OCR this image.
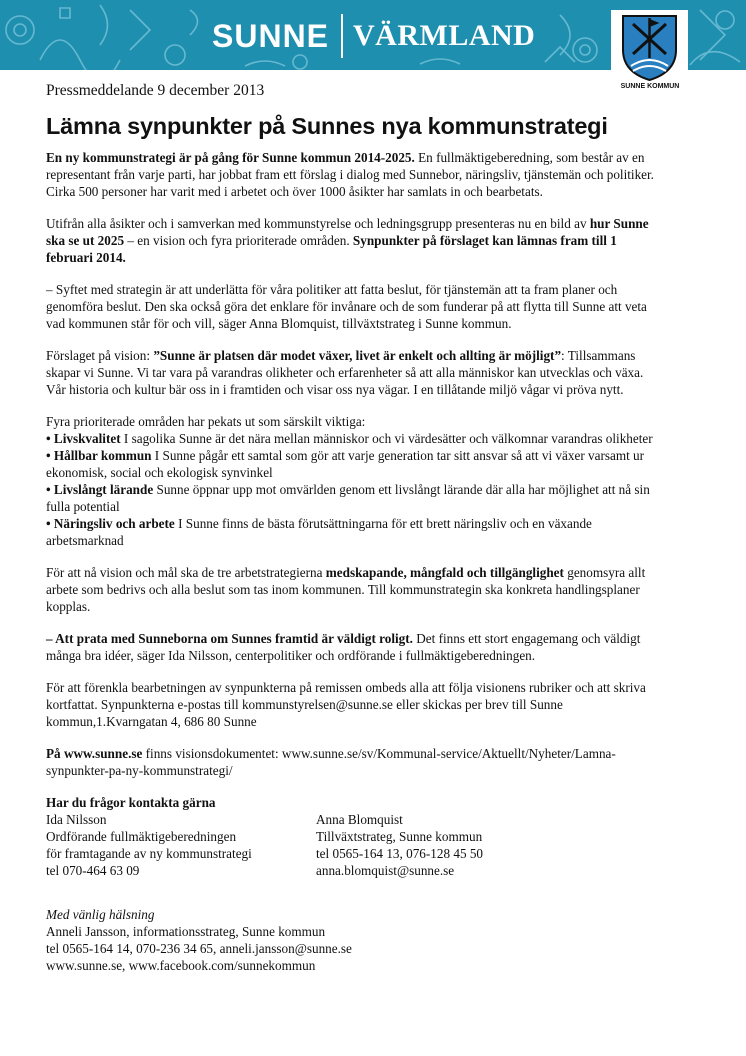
SUNNE VÄRMLAND
SUNNE KOMMUN
Pressmeddelande 9 december 2013
Lämna synpunkter på Sunnes nya kommunstrategi

En ny kommunstrategi är på gång för Sunne kommun 2014-2025. En fullmäktigeberedning, som består av en representant från varje parti, har jobbat fram ett förslag i dialog med Sunnebor, näringsliv, tjänstemän och politiker. Cirka 500 personer har varit med i arbetet och över 1000 åsikter har samlats in och bearbetats.

Utifrån alla åsikter och i samverkan med kommunstyrelse och ledningsgrupp presenteras nu en bild av hur Sunne ska se ut 2025 – en vision och fyra prioriterade områden. Synpunkter på förslaget kan lämnas fram till 1 februari 2014.

– Syftet med strategin är att underlätta för våra politiker att fatta beslut, för tjänstemän att ta fram planer och genomföra beslut. Den ska också göra det enklare för invånare och de som funderar på att flytta till Sunne att veta vad kommunen står för och vill, säger Anna Blomquist, tillväxtstrateg i Sunne kommun.

Förslaget på vision: ”Sunne är platsen där modet växer, livet är enkelt och allting är möjligt”: Tillsammans skapar vi Sunne. Vi tar vara på varandras olikheter och erfarenheter så att alla människor kan utvecklas och växa. Vår historia och kultur bär oss in i framtiden och visar oss nya vägar. I en tillåtande miljö vågar vi pröva nytt.

Fyra prioriterade områden har pekats ut som särskilt viktiga:

• Livskvalitet I sagolika Sunne är det nära mellan människor och vi värdesätter och välkomnar varandras olikheter

• Hållbar kommun I Sunne pågår ett samtal som gör att varje generation tar sitt ansvar så att vi växer varsamt ur ekonomisk, social och ekologisk synvinkel

• Livslångt lärande Sunne öppnar upp mot omvärlden genom ett livslångt lärande där alla har möjlighet att nå sin fulla potential

• Näringsliv och arbete I Sunne finns de bästa förutsättningarna för ett brett näringsliv och en växande arbetsmarknad

För att nå vision och mål ska de tre arbetstrategierna medskapande, mångfald och tillgänglighet genomsyra allt arbete som bedrivs och alla beslut som tas inom kommunen. Till kommunstrategin ska konkreta handlingsplaner kopplas.

– Att prata med Sunneborna om Sunnes framtid är väldigt roligt. Det finns ett stort engagemang och väldigt många bra idéer, säger Ida Nilsson, centerpolitiker och ordförande i fullmäktigeberedningen.

För att förenkla bearbetningen av synpunkterna på remissen ombeds alla att följa visionens rubriker och att skriva kortfattat. Synpunkterna e-postas till kommunstyrelsen@sunne.se eller skickas per brev till Sunne kommun,1.Kvarngatan 4, 686 80 Sunne

På www.sunne.se finns visionsdokumentet: www.sunne.se/sv/Kommunal-service/Aktuellt/Nyheter/Lamna-synpunkter-pa-ny-kommunstrategi/

Har du frågor kontakta gärna
Ida Nilsson
Ordförande fullmäktigeberedningen
för framtagande av ny kommunstrategi
tel 070-464 63 09
Anna Blomquist
Tillväxtstrateg, Sunne kommun
tel 0565-164 13, 076-128 45 50
anna.blomquist@sunne.se
Med vänlig hälsning
Anneli Jansson, informationsstrateg, Sunne kommun
tel 0565-164 14, 070-236 34 65, anneli.jansson@sunne.se
www.sunne.se, www.facebook.com/sunnekommun
